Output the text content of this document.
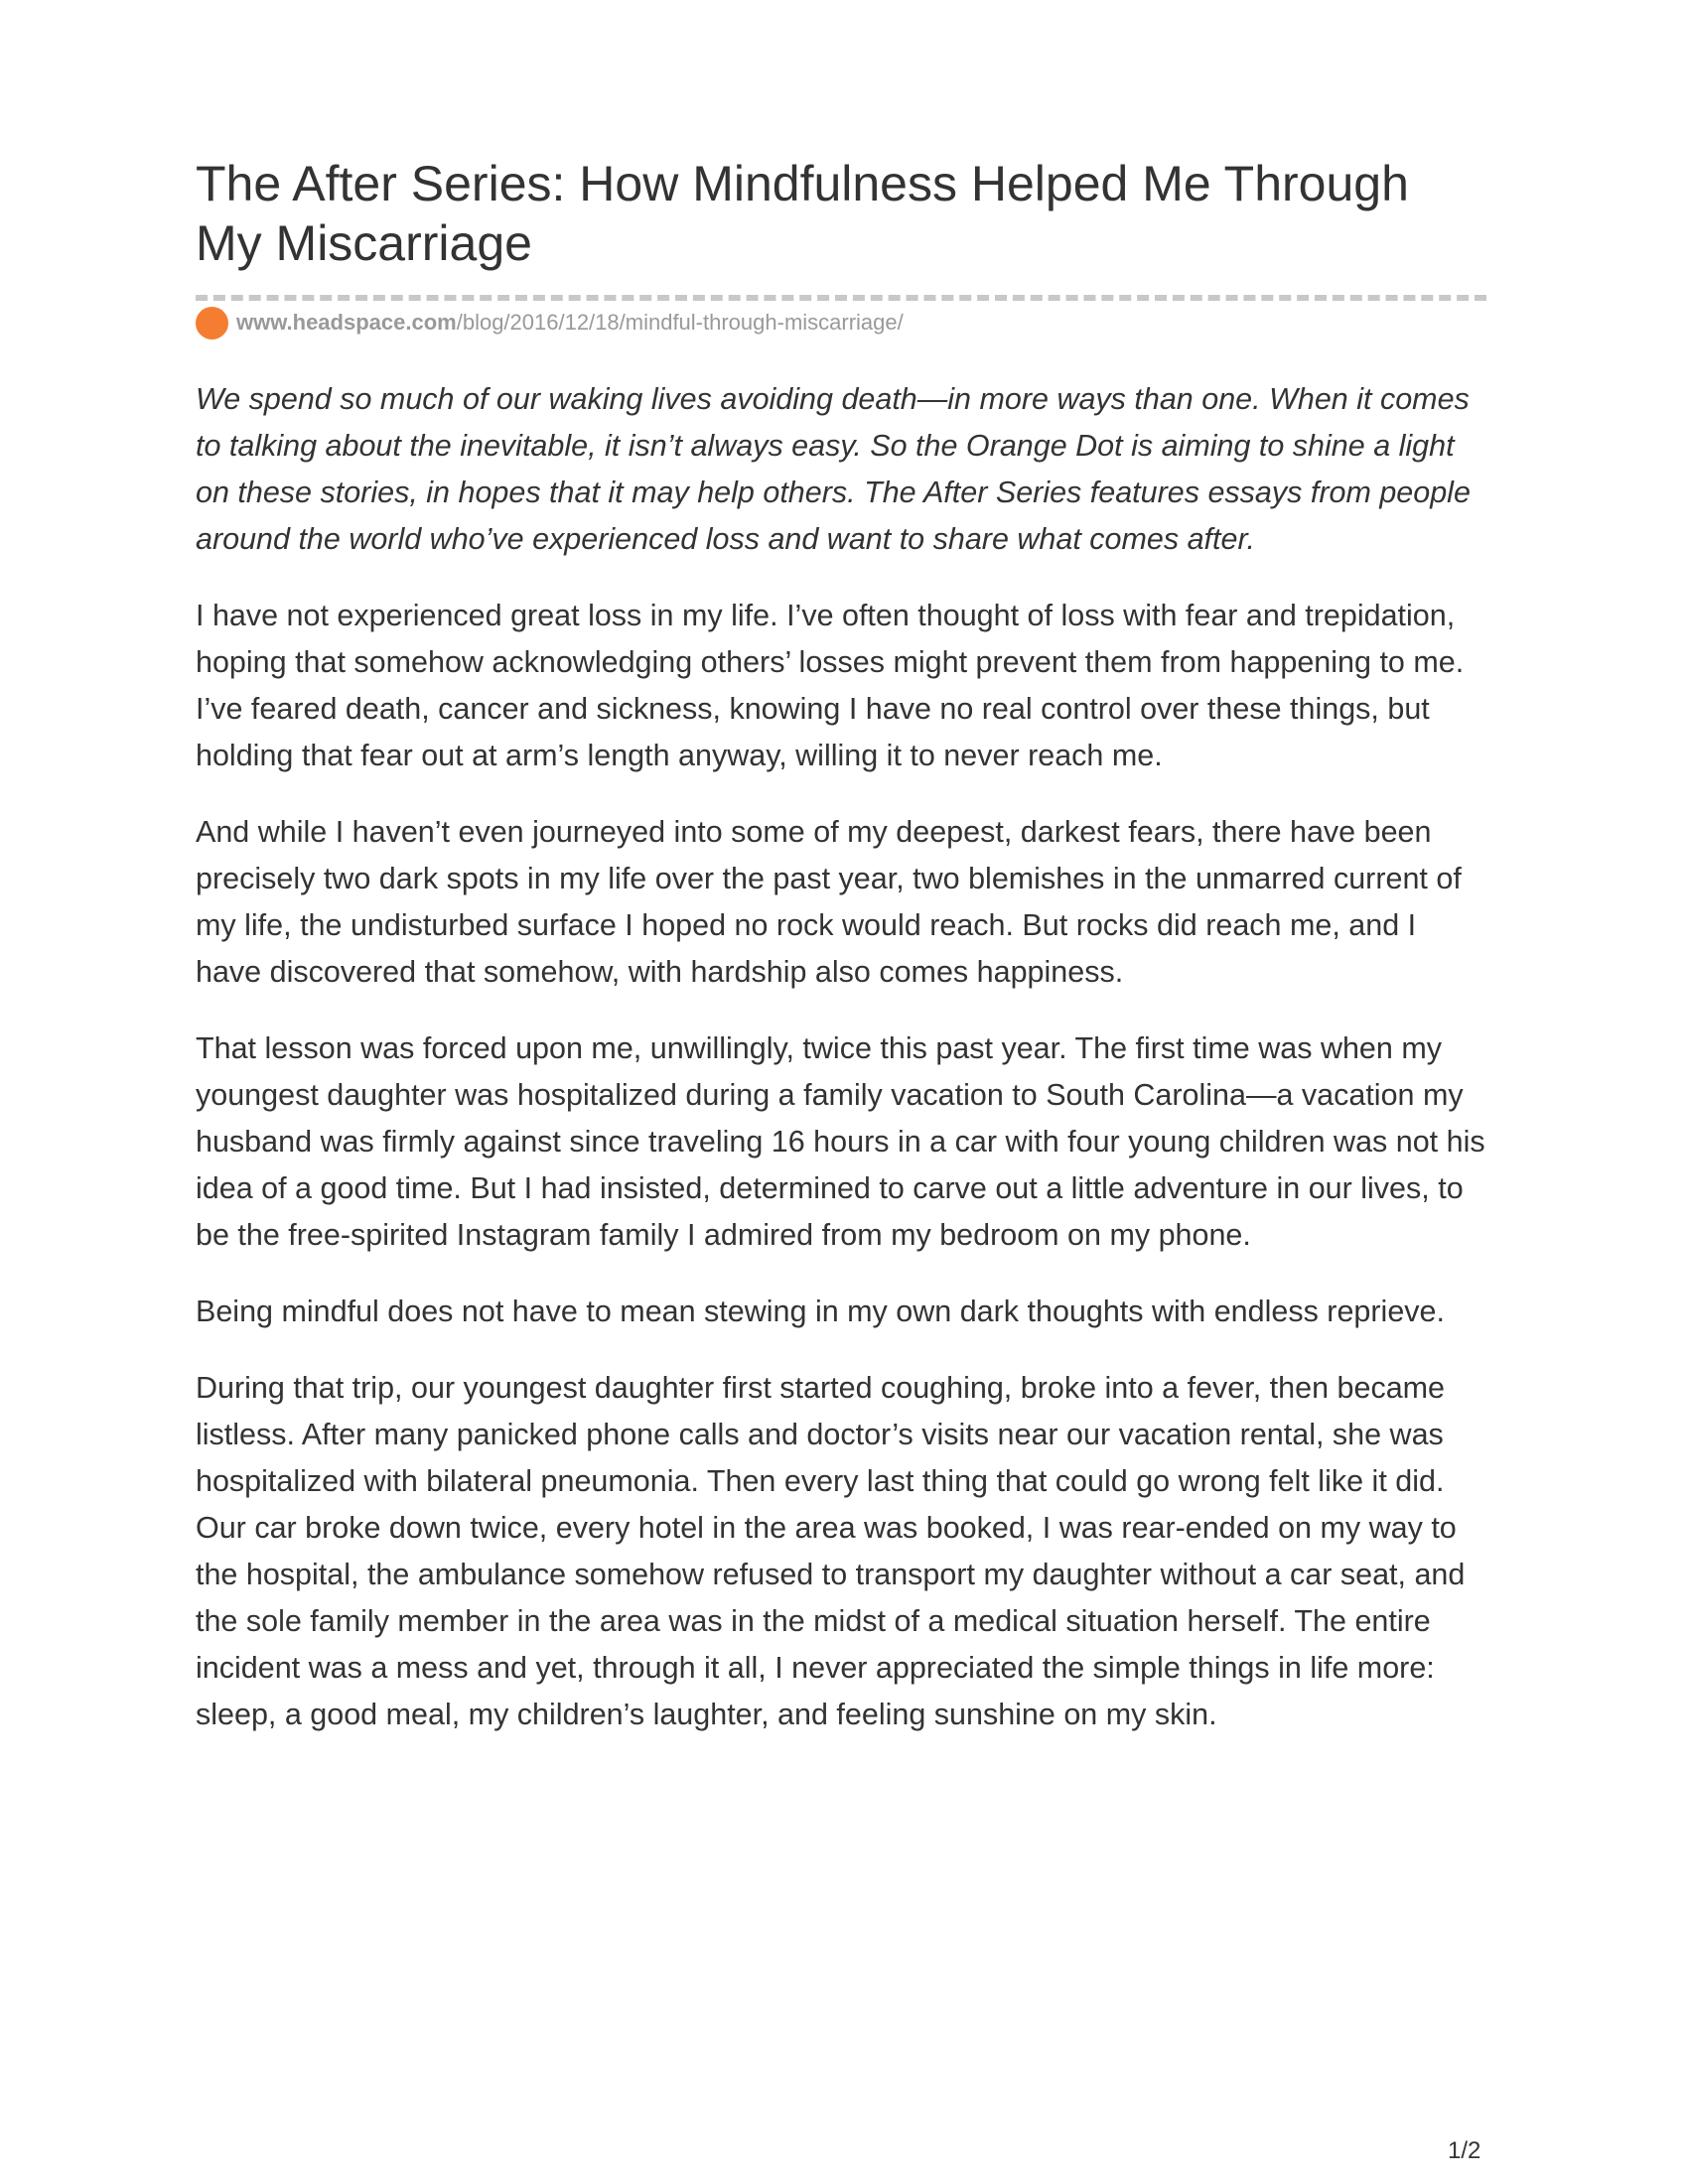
The After Series: How Mindfulness Helped Me Through My Miscarriage
www.headspace.com /blog/2016/12/18/mindful-through-miscarriage/

We spend so much of our waking lives avoiding death—in more ways than one. When it comes to talking about the inevitable, it isn’t always easy. So the Orange Dot is aiming to shine a light on these stories, in hopes that it may help others. The After Series features essays from people around the world who’ve experienced loss and want to share what comes after.

I have not experienced great loss in my life. I’ve often thought of loss with fear and trepidation, hoping that somehow acknowledging others’ losses might prevent them from happening to me. I’ve feared death, cancer and sickness, knowing I have no real control over these things, but holding that fear out at arm’s length anyway, willing it to never reach me.

And while I haven’t even journeyed into some of my deepest, darkest fears, there have been precisely two dark spots in my life over the past year, two blemishes in the unmarred current of my life, the undisturbed surface I hoped no rock would reach. But rocks did reach me, and I have discovered that somehow, with hardship also comes happiness.

That lesson was forced upon me, unwillingly, twice this past year. The first time was when my youngest daughter was hospitalized during a family vacation to South Carolina—a vacation my husband was firmly against since traveling 16 hours in a car with four young children was not his idea of a good time. But I had insisted, determined to carve out a little adventure in our lives, to be the free-spirited Instagram family I admired from my bedroom on my phone.

Being mindful does not have to mean stewing in my own dark thoughts with endless reprieve.

During that trip, our youngest daughter first started coughing, broke into a fever, then became listless. After many panicked phone calls and doctor’s visits near our vacation rental, she was hospitalized with bilateral pneumonia. Then every last thing that could go wrong felt like it did. Our car broke down twice, every hotel in the area was booked, I was rear-ended on my way to the hospital, the ambulance somehow refused to transport my daughter without a car seat, and the sole family member in the area was in the midst of a medical situation herself. The entire incident was a mess and yet, through it all, I never appreciated the simple things in life more: sleep, a good meal, my children’s laughter, and feeling sunshine on my skin.

1/2
